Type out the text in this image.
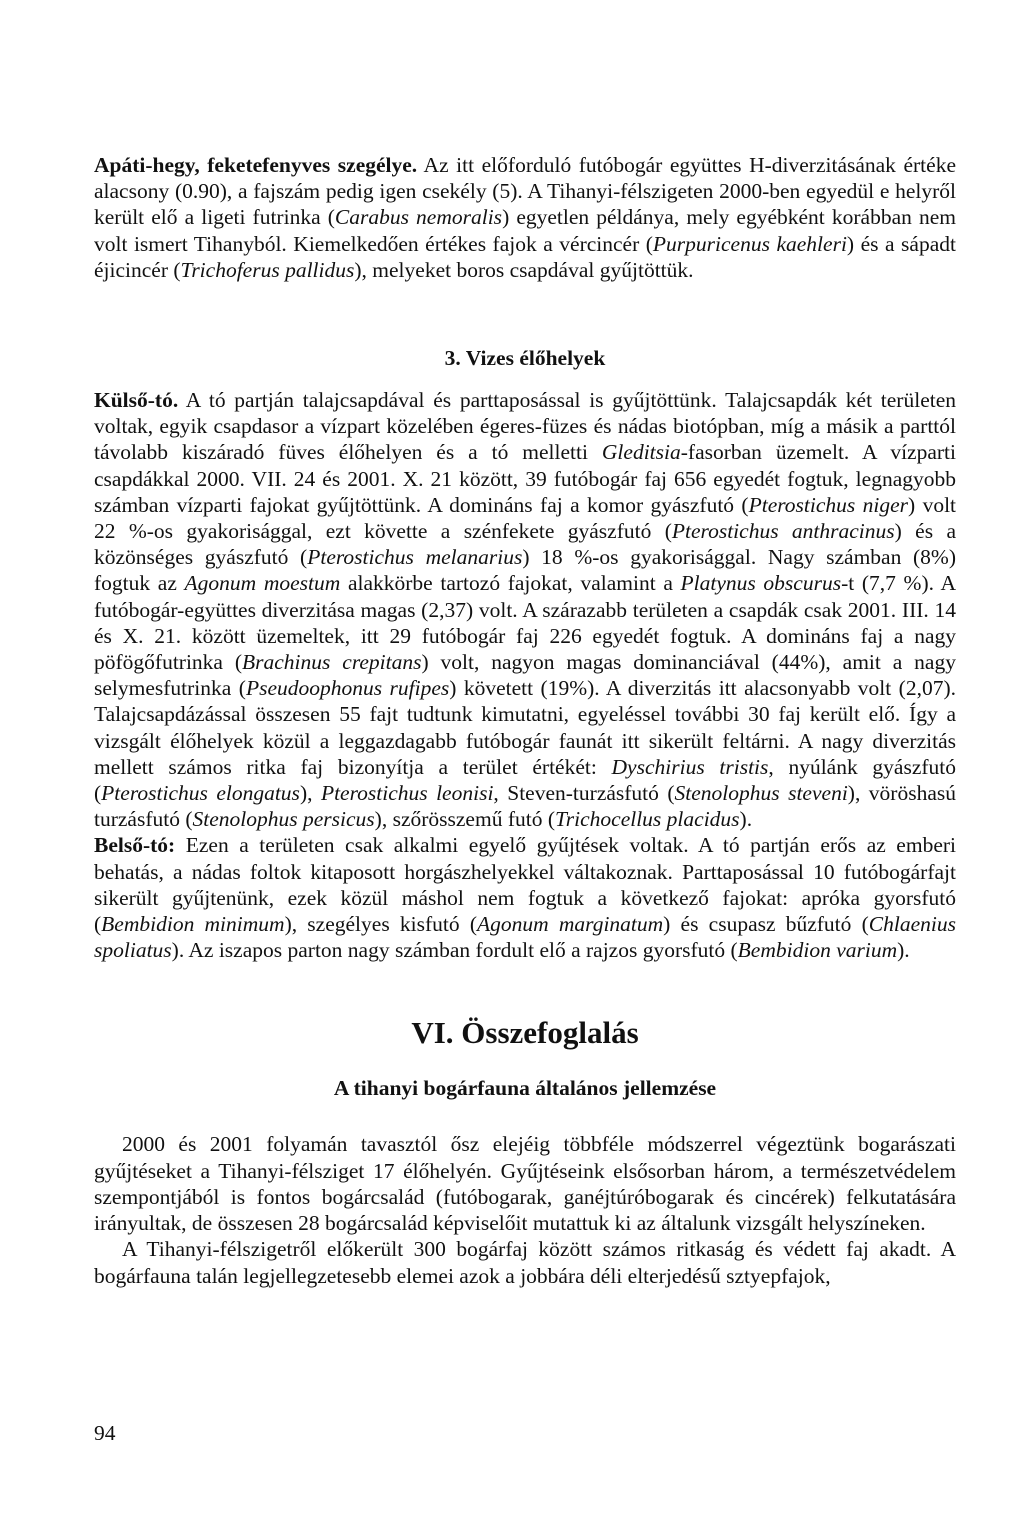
Apáti-hegy, feketefenyves szegélye. Az itt előforduló futóbogár együttes H-diverzitásának értéke alacsony (0.90), a fajszám pedig igen csekély (5). A Tihanyi-félszigeten 2000-ben egyedül e helyről került elő a ligeti futrinka (Carabus nemoralis) egyetlen példánya, mely egyébként korábban nem volt ismert Tihanyból. Kiemelkedően értékes fajok a vércincér (Purpuricenus kaehleri) és a sápadt éjicincér (Trichoferus pallidus), melyeket boros csapdával gyűjtöttük.

3. Vizes élőhelyek

Külső-tó. A tó partján talajcsapdával és parttaposással is gyűjtöttünk. Talajcsapdák két területen voltak, egyik csapdasor a vízpart közelében égeres-füzes és nádas biotópban, míg a másik a parttól távolabb kiszáradó füves élőhelyen és a tó melletti Gleditsia-fasorban üzemelt. A vízparti csapdákkal 2000. VII. 24 és 2001. X. 21 között, 39 futóbogár faj 656 egyedét fogtuk, legnagyobb számban vízparti fajokat gyűjtöttünk. A domináns faj a komor gyászfutó (Pterostichus niger) volt 22 %-os gyakorisággal, ezt követte a szénfekete gyászfutó (Pterostichus anthracinus) és a közönséges gyászfutó (Pterostichus melanarius) 18 %-os gyakorisággal. Nagy számban (8%) fogtuk az Agonum moestum alakkörbe tartozó fajokat, valamint a Platynus obscurus-t (7,7 %). A futóbogár-együttes diverzitása magas (2,37) volt. A szárazabb területen a csapdák csak 2001. III. 14 és X. 21. között üzemeltek, itt 29 futóbogár faj 226 egyedét fogtuk. A domináns faj a nagy pöfögőfutrinka (Brachinus crepitans) volt, nagyon magas dominanciával (44%), amit a nagy selymesfutrinka (Pseudoophonus rufipes) követett (19%). A diverzitás itt alacsonyabb volt (2,07). Talajcsapdázással összesen 55 fajt tudtunk kimutatni, egyeléssel további 30 faj került elő. Így a vizsgált élőhelyek közül a leggazdagabb futóbogár faunát itt sikerült feltárni. A nagy diverzitás mellett számos ritka faj bizonyítja a terület értékét: Dyschirius tristis, nyúlánk gyászfutó (Pterostichus elongatus), Pterostichus leonisi, Steven-turzásfutó (Stenolophus steveni), vöröshasú turzásfutó (Stenolophus persicus), szőrösszemű futó (Trichocellus placidus).

Belső-tó: Ezen a területen csak alkalmi egyelő gyűjtések voltak. A tó partján erős az emberi behatás, a nádas foltok kitaposott horgászhelyekkel váltakoznak. Parttaposással 10 futóbogárfajt sikerült gyűjtenünk, ezek közül máshol nem fogtuk a következő fajokat: apróka gyorsfutó (Bembidion minimum), szegélyes kisfutó (Agonum marginatum) és csupasz bűzfutó (Chlaenius spoliatus). Az iszapos parton nagy számban fordult elő a rajzos gyorsfutó (Bembidion varium).

VI. Összefoglalás
A tihanyi bogárfauna általános jellemzése

2000 és 2001 folyamán tavasztól ősz elejéig többféle módszerrel végeztünk bogarászati gyűjtéseket a Tihanyi-félsziget 17 élőhelyén. Gyűjtéseink elsősorban három, a természetvédelem szempontjából is fontos bogárcsalád (futóbogarak, ganéjtúróbogarak és cincérek) felkutatására irányultak, de összesen 28 bogárcsalád képviselőit mutattuk ki az általunk vizsgált helyszíneken.

A Tihanyi-félszigetről előkerült 300 bogárfaj között számos ritkaság és védett faj akadt. A bogárfauna talán legjellegzetesebb elemei azok a jobbára déli elterjedésű sztyepfajok,

94
